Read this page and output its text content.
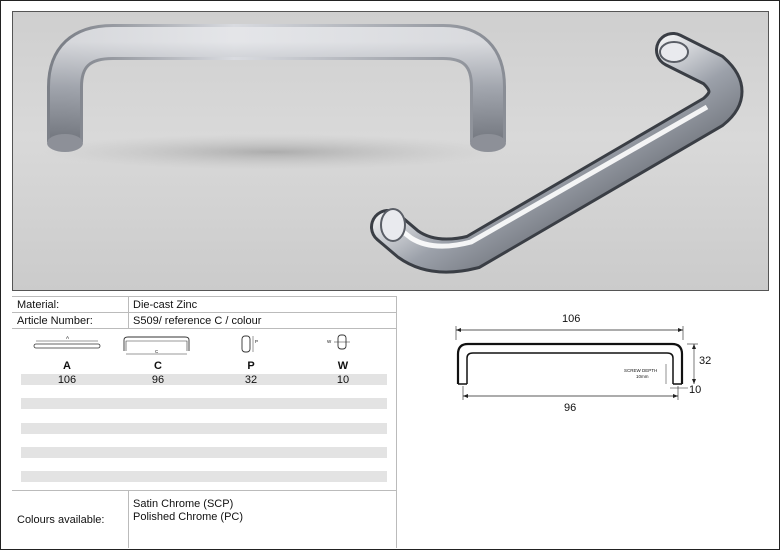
Material:	Die-cast Zinc
Article Number:	S509/ reference C / colour
A
C
P	W
A	C	P	W
106	96	32	10
Colours available:
Satin Chrome (SCP)
Polished Chrome (PC)
106
SCREW DEPTH
10mm
32
10
96
